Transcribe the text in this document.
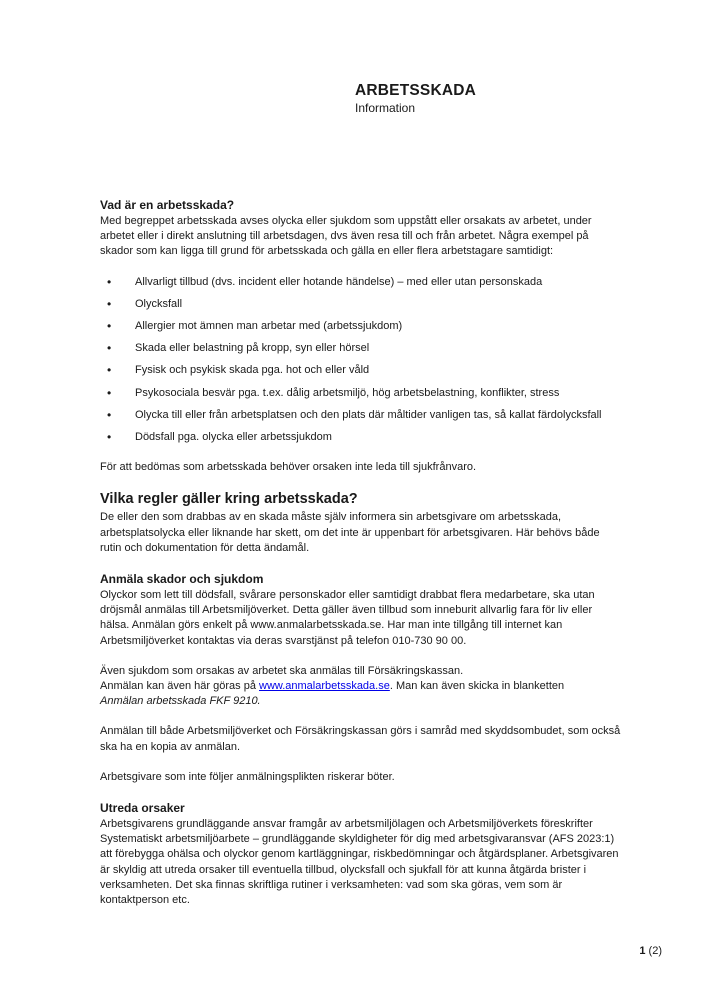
ARBETSSKADA
Information
Vad är en arbetsskada?

Med begreppet arbetsskada avses olycka eller sjukdom som uppstått eller orsakats av arbetet, under arbetet eller i direkt anslutning till arbetsdagen, dvs även resa till och från arbetet. Några exempel på skador som kan ligga till grund för arbetsskada och gälla en eller flera arbetstagare samtidigt:

• Allvarligt tillbud (dvs. incident eller hotande händelse) – med eller utan personskada
• Olycksfall
• Allergier mot ämnen man arbetar med (arbetssjukdom)
• Skada eller belastning på kropp, syn eller hörsel
• Fysisk och psykisk skada pga. hot och eller våld
• Psykosociala besvär pga. t.ex. dålig arbetsmiljö, hög arbetsbelastning, konflikter, stress
• Olycka till eller från arbetsplatsen och den plats där måltider vanligen tas, så kallat färdolycksfall
• Dödsfall pga. olycka eller arbetssjukdom

För att bedömas som arbetsskada behöver orsaken inte leda till sjukfrånvaro.

Vilka regler gäller kring arbetsskada?

De eller den som drabbas av en skada måste själv informera sin arbetsgivare om arbetsskada, arbetsplatsolycka eller liknande har skett, om det inte är uppenbart för arbetsgivaren. Här behövs både rutin och dokumentation för detta ändamål.

Anmäla skador och sjukdom

Olyckor som lett till dödsfall, svårare personskador eller samtidigt drabbat flera medarbetare, ska utan dröjsmål anmälas till Arbetsmiljöverket. Detta gäller även tillbud som inneburit allvarlig fara för liv eller hälsa. Anmälan görs enkelt på www.anmalarbetsskada.se. Har man inte tillgång till internet kan Arbetsmiljöverket kontaktas via deras svarstjänst på telefon 010-730 90 00.

Även sjukdom som orsakas av arbetet ska anmälas till Försäkringskassan.
Anmälan kan även här göras på www.anmalarbetsskada.se. Man kan även skicka in blanketten
Anmälan arbetsskada FKF 9210.

Anmälan till både Arbetsmiljöverket och Försäkringskassan görs i samråd med skyddsombudet, som också ska ha en kopia av anmälan.

Arbetsgivare som inte följer anmälningsplikten riskerar böter.

Utreda orsaker

Arbetsgivarens grundläggande ansvar framgår av arbetsmiljölagen och Arbetsmiljöverkets föreskrifter Systematiskt arbetsmiljöarbete – grundläggande skyldigheter för dig med arbetsgivaransvar (AFS 2023:1) att förebygga ohälsa och olyckor genom kartläggningar, riskbedömningar och åtgärdsplaner. Arbetsgivaren är skyldig att utreda orsaker till eventuella tillbud, olycksfall och sjukfall för att kunna åtgärda brister i verksamheten. Det ska finnas skriftliga rutiner i verksamheten: vad som ska göras, vem som är kontaktperson etc.

1 (2)
